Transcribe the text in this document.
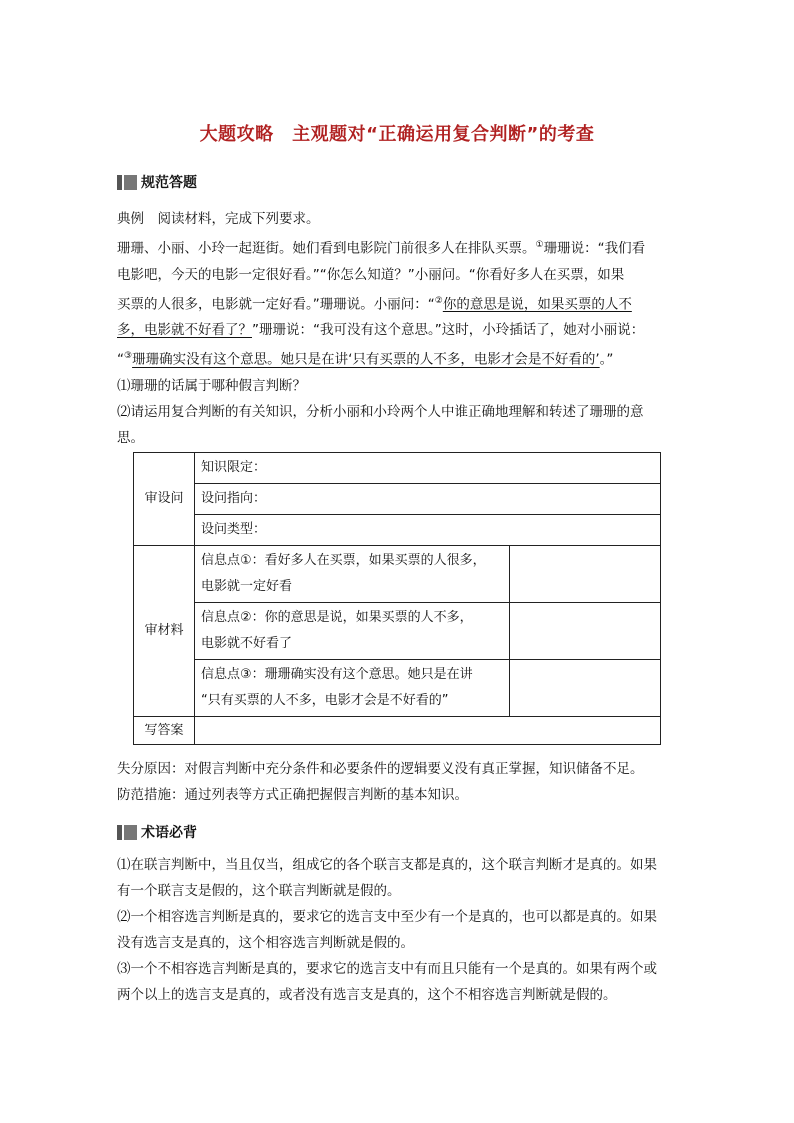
大题攻略　主观题对“正确运用复合判断”的考查
规范答题
典例　阅读材料，完成下列要求。
珊珊、小丽、小玲一起逛街。她们看到电影院门前很多人在排队买票。①珊珊说：“我们看
电影吧，今天的电影一定很好看。”“你怎么知道？”小丽问。“你看好多人在买票，如果
买票的人很多，电影就一定好看。”珊珊说。小丽问：“②你的意思是说，如果买票的人不
多，电影就不好看了？”珊珊说：“我可没有这个意思。”这时，小玲插话了，她对小丽说：
“③珊珊确实没有这个意思。她只是在讲‘只有买票的人不多，电影才会是不好看的’。”
⑴珊珊的话属于哪种假言判断？
⑵请运用复合判断的有关知识，分析小丽和小玲两个人中谁正确地理解和转述了珊珊的意
思。
审设问	知识限定：	
	设问指向：	
	设问类型：	
审材料	信息点①：看好多人在买票，如果买票的人很多，
电影就一定好看	

	信息点②：你的意思是说，如果买票的人不多，
电影就不好看了	

	信息点③：珊珊确实没有这个意思。她只是在讲
“只有买票的人不多，电影才会是不好看的”	

写答案		
失分原因：对假言判断中充分条件和必要条件的逻辑要义没有真正掌握，知识储备不足。
防范措施：通过列表等方式正确把握假言判断的基本知识。
术语必背
⑴在联言判断中，当且仅当，组成它的各个联言支都是真的，这个联言判断才是真的。如果
有一个联言支是假的，这个联言判断就是假的。
⑵一个相容选言判断是真的，要求它的选言支中至少有一个是真的，也可以都是真的。如果
没有选言支是真的，这个相容选言判断就是假的。
⑶一个不相容选言判断是真的，要求它的选言支中有而且只能有一个是真的。如果有两个或
两个以上的选言支是真的，或者没有选言支是真的，这个不相容选言判断就是假的。
